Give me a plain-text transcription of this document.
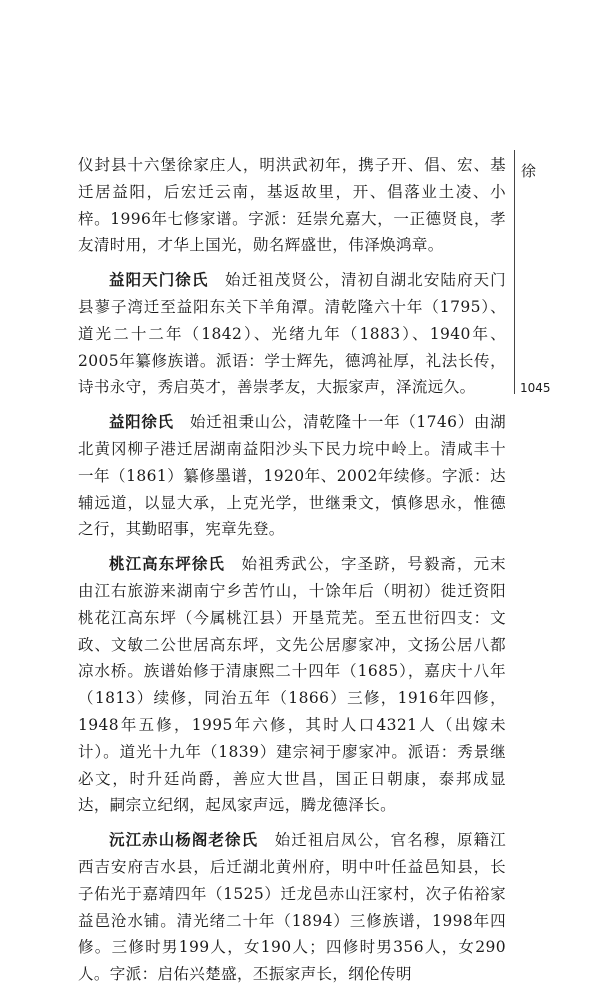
仪封县十六堡徐家庄人，明洪武初年，携子开、倡、宏、基迁居益阳，后宏迁云南，基返故里，开、倡落业土凌、小梓。1996年七修家谱。字派：廷崇允嘉大，一正德贤良，孝友清时用，才华上国光，勋名辉盛世，伟泽焕鸿章。

益阳天门徐氏  始迁祖茂贤公，清初自湖北安陆府天门县蓼子湾迁至益阳东关下羊角潭。清乾隆六十年（1795）、道光二十二年（1842）、光绪九年（1883）、1940年、2005年纂修族谱。派语：学士辉先，德鸿祉厚，礼法长传，诗书永守，秀启英才，善崇孝友，大振家声，泽流远久。

益阳徐氏  始迁祖秉山公，清乾隆十一年（1746）由湖北黄冈柳子港迁居湖南益阳沙头下民力垸中岭上。清咸丰十一年（1861）纂修墨谱，1920年、2002年续修。字派：达辅远道，以显大承，上克光学，世继秉文，慎修思永，惟德之行，其勤昭事，宪章先登。

桃江高东坪徐氏  始祖秀武公，字圣跻，号毅斋，元末由江右旅游来湖南宁乡苦竹山，十馀年后（明初）徙迁资阳桃花江高东坪（今属桃江县）开垦荒芜。至五世衍四支：文政、文敏二公世居高东坪，文先公居廖家冲，文扬公居八都凉水桥。族谱始修于清康熙二十四年（1685），嘉庆十八年（1813）续修，同治五年（1866）三修，1916年四修，1948年五修，1995年六修，其时人口4321人（出嫁未计）。道光十九年（1839）建宗祠于廖家冲。派语：秀景继必文，时升廷尚爵，善应大世昌，国正日朝康，泰邦成显达，嗣宗立纪纲，起凤家声远，腾龙德泽长。

沅江赤山杨阁老徐氏  始迁祖启凤公，官名穆，原籍江西吉安府吉水县，后迁湖北黄州府，明中叶任益邑知县，长子佑光于嘉靖四年（1525）迁龙邑赤山汪家村，次子佑裕家益邑沧水铺。清光绪二十年（1894）三修族谱，1998年四修。三修时男199人，女190人；四修时男356人，女290人。字派：启佑兴楚盛，丕振家声长，纲伦传明

徐
1045
